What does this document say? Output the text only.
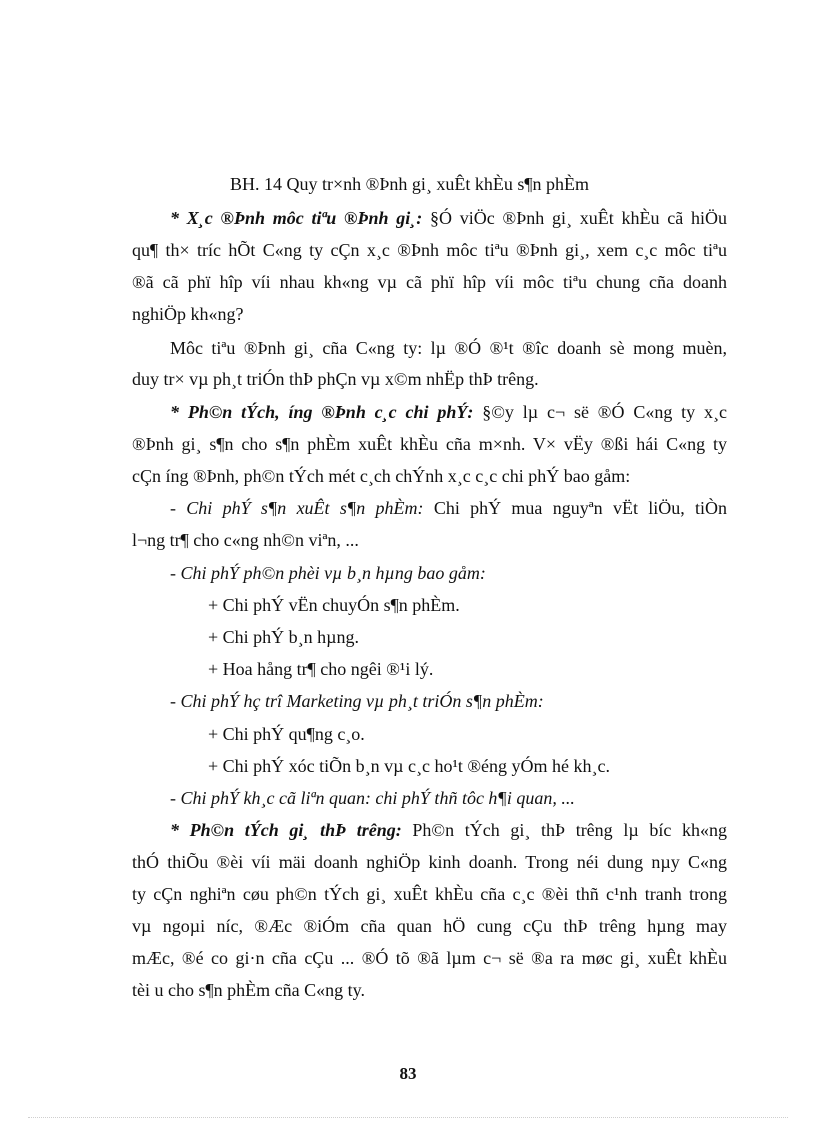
BH. 14 Quy tr×nh ®Þnh gi¸ xuÊt khÈu s¶n phÈm
* X¸c ®Þnh môc tiªu ®Þnh gi¸: §Ó viÖc ®Þnh gi¸ xuÊt khÈu cã hiÖu
qu¶ th× tríc hÕt C«ng ty cÇn x¸c ®Þnh môc tiªu ®Þnh gi¸, xem c¸c môc tiªu
®ã cã phï hîp víi nhau kh«ng vµ cã phï hîp víi môc tiªu chung cña doanh
nghiÖp kh«ng?
Môc tiªu ®Þnh gi¸ cña C«ng ty: lµ ®Ó ®¹t ®îc doanh sè mong muèn,
duy tr× vµ ph¸t triÓn thÞ phÇn vµ x©m nhËp thÞ trêng.
* Ph©n tÝch, íng ®Þnh c¸c chi phÝ: §©y lµ c¬ së ®Ó C«ng ty x¸c
®Þnh gi¸ s¶n cho s¶n phÈm xuÊt khÈu cña m×nh. V× vËy ®ßi hái C«ng ty
cÇn íng ®Þnh, ph©n tÝch mét c¸ch chÝnh x¸c c¸c chi phÝ bao gåm:
- Chi phÝ s¶n xuÊt s¶n phÈm: Chi phÝ mua nguyªn vËt liÖu, tiÒn
l¬ng tr¶ cho c«ng nh©n viªn, ...
- Chi phÝ ph©n phèi vµ b¸n hµng bao gåm:
+ Chi phÝ vËn chuyÓn s¶n phÈm.
+ Chi phÝ b¸n hµng.
+ Hoa hång tr¶ cho ngêi ®¹i lý.
- Chi phÝ hç trî Marketing vµ ph¸t triÓn s¶n phÈm:
+ Chi phÝ qu¶ng c¸o.
+ Chi phÝ xóc tiÕn b¸n vµ c¸c ho¹t ®éng yÓm hé kh¸c.
- Chi phÝ kh¸c cã liªn quan: chi phÝ thñ tôc h¶i quan, ...
* Ph©n tÝch gi¸ thÞ trêng: Ph©n tÝch gi¸ thÞ trêng lµ bíc kh«ng
thÓ thiÕu ®èi víi mäi doanh nghiÖp kinh doanh. Trong néi dung nµy C«ng
ty cÇn nghiªn cøu ph©n tÝch gi¸ xuÊt khÈu cña c¸c ®èi thñ c¹nh tranh trong
vµ ngoµi níc, ®Æc ®iÓm cña quan hÖ cung cÇu thÞ trêng hµng may
mÆc, ®é co gi·n cña cÇu ... ®Ó tõ ®ã lµm c¬ së ®a ra møc gi¸ xuÊt khÈu
tèi u cho s¶n phÈm cña C«ng ty.
83
